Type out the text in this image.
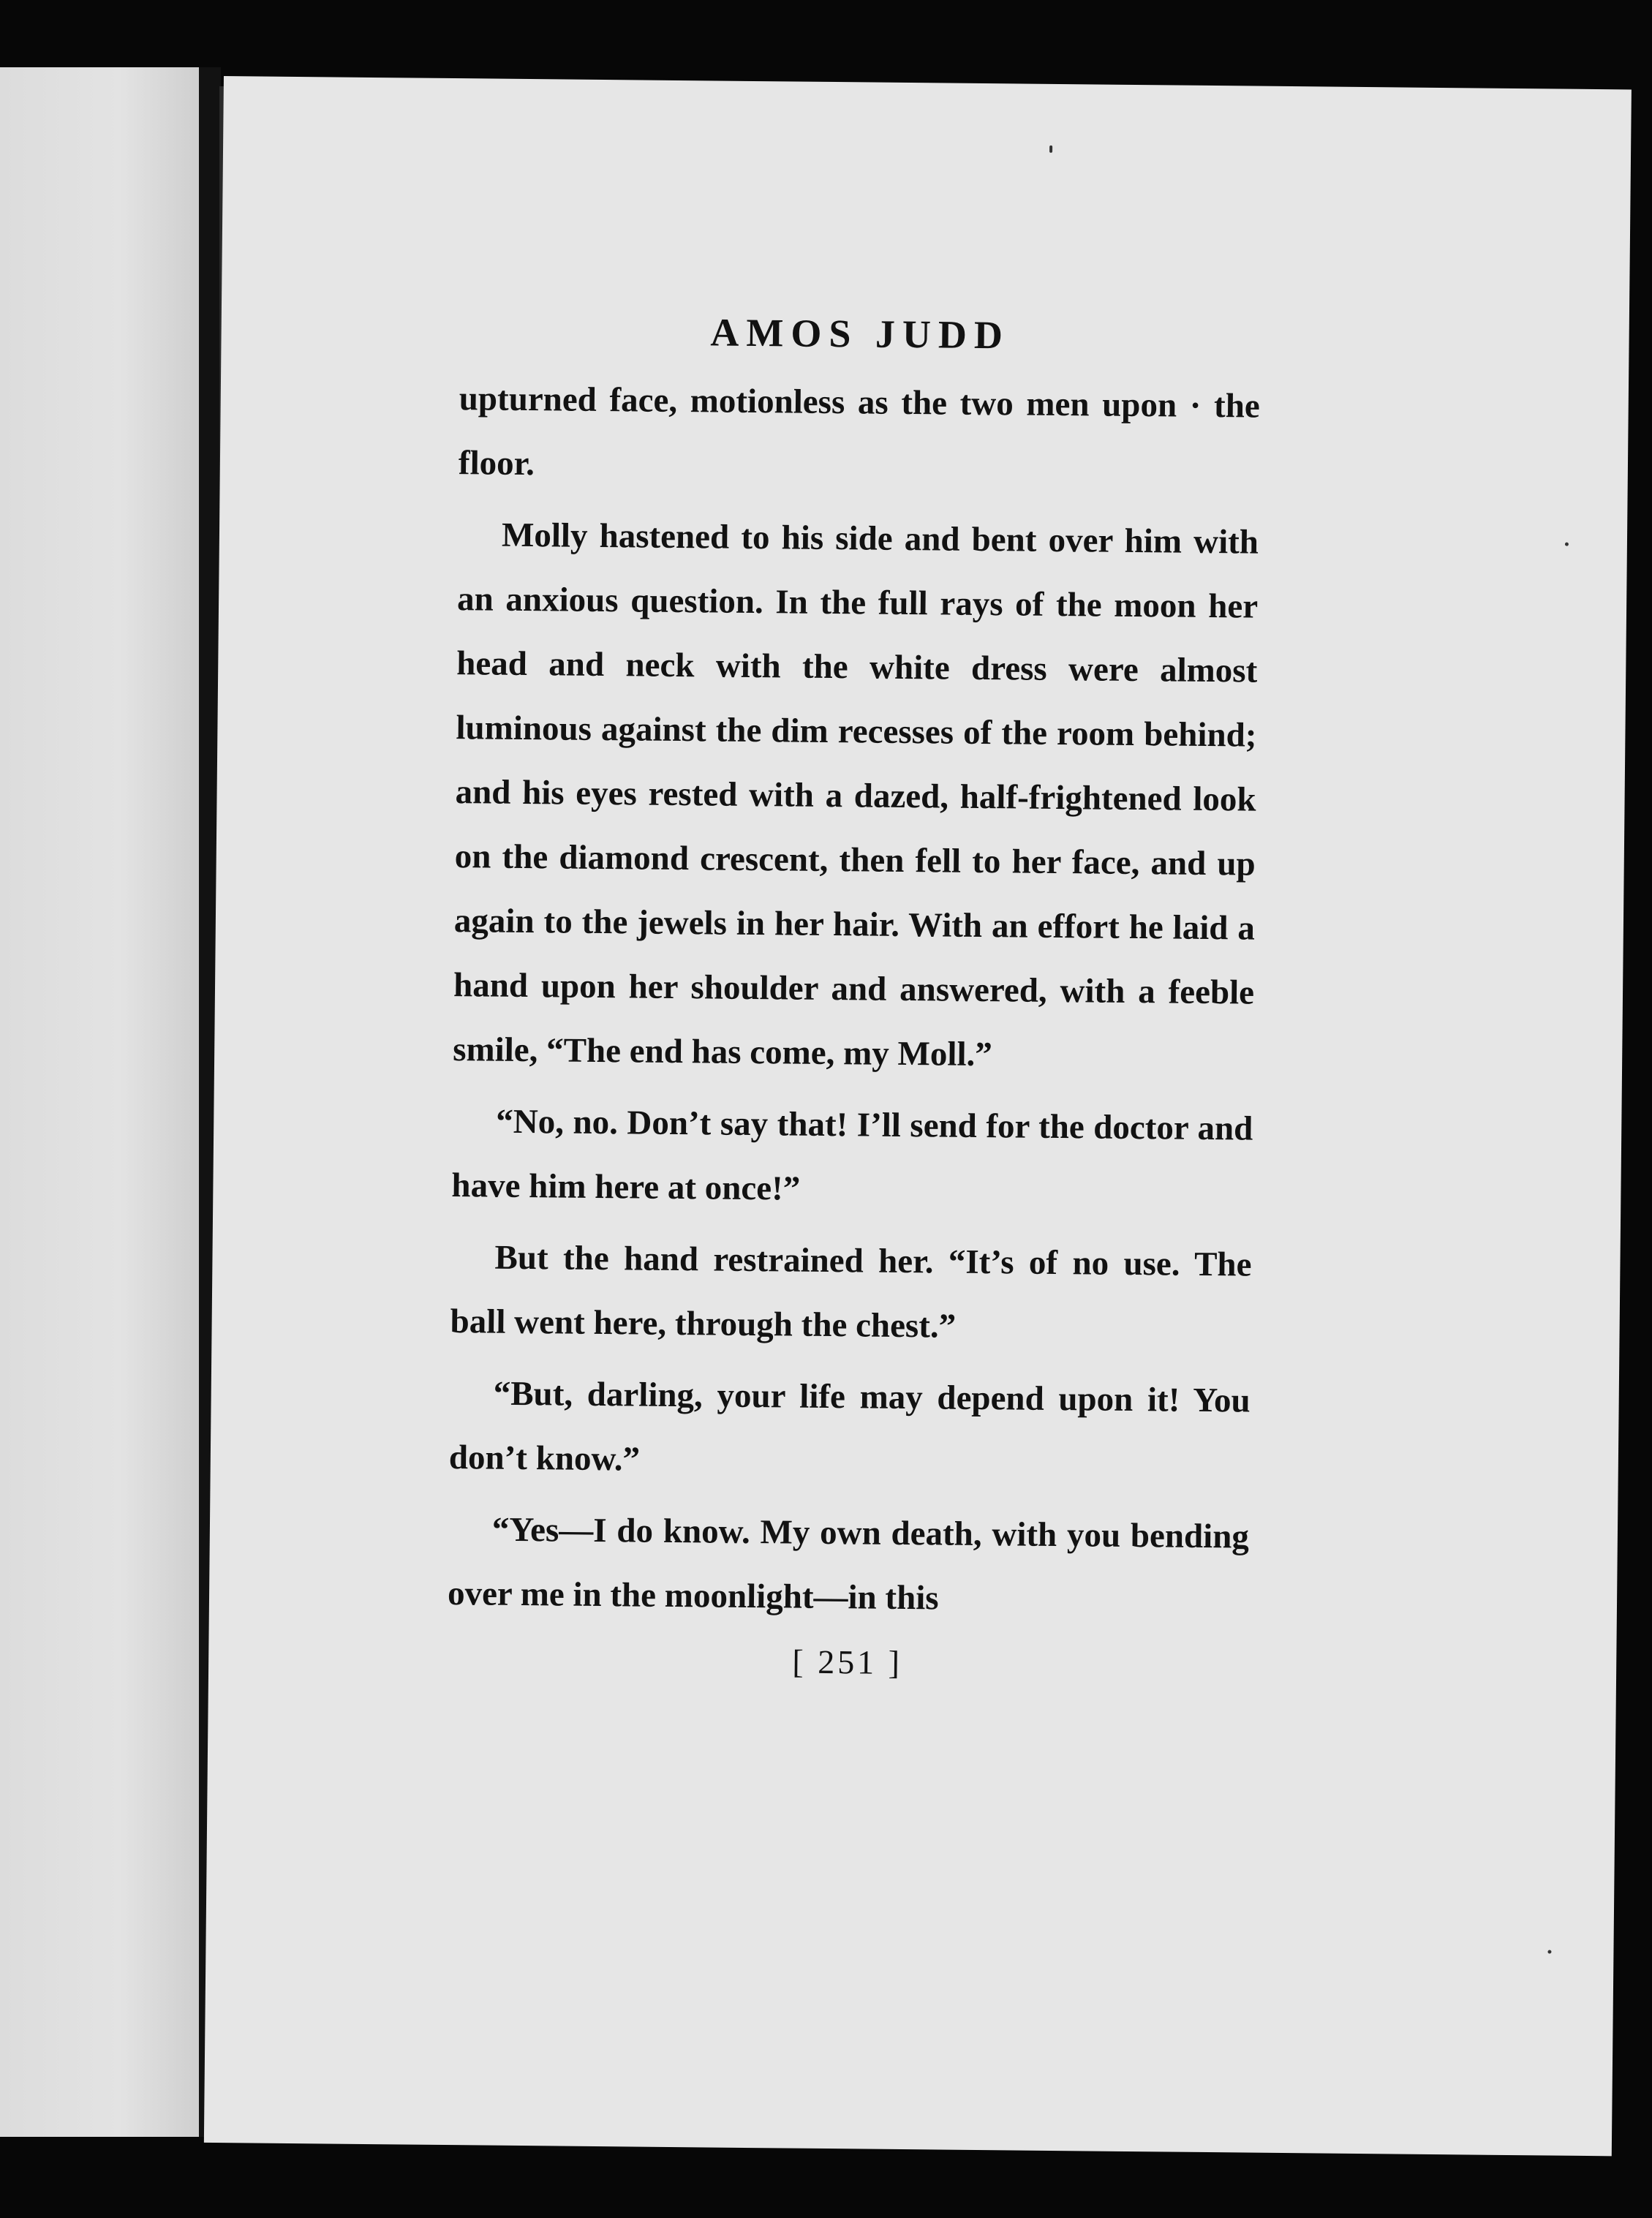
AMOS JUDD

upturned face, motionless as the two men upon · the floor.

Molly hastened to his side and bent over him with an anxious question. In the full rays of the moon her head and neck with the white dress were almost luminous against the dim recesses of the room behind; and his eyes rested with a dazed, half-frightened look on the diamond crescent, then fell to her face, and up again to the jewels in her hair. With an effort he laid a hand upon her shoulder and answered, with a feeble smile, “The end has come, my Moll.”

“No, no. Don’t say that! I’ll send for the doctor and have him here at once!”

But the hand restrained her. “It’s of no use. The ball went here, through the chest.”

“But, darling, your life may depend upon it! You don’t know.”

“Yes—I do know. My own death, with you bending over me in the moonlight—in this

[ 251 ]
